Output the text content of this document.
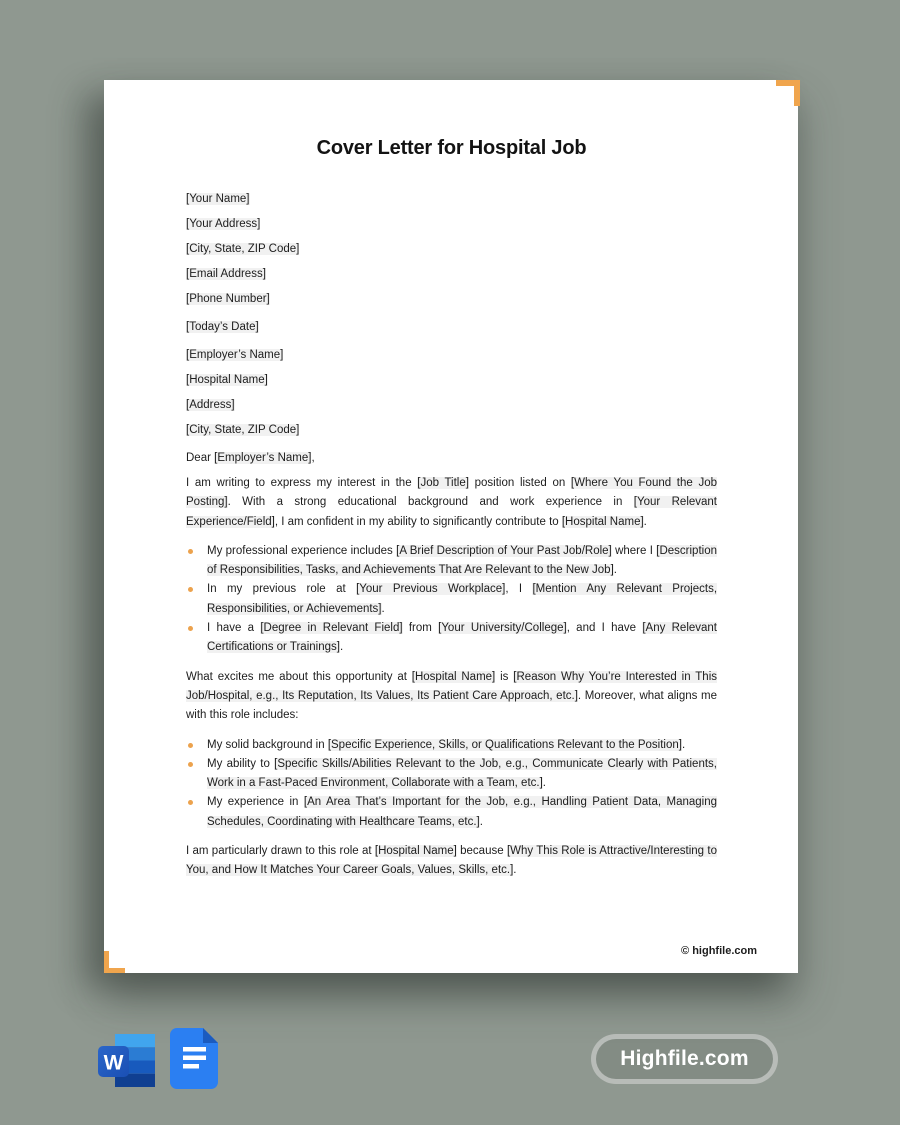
Cover Letter for Hospital Job

[Your Name]

[Your Address]

[City, State, ZIP Code]

[Email Address]

[Phone Number]

[Today’s Date]

[Employer’s Name]

[Hospital Name]

[Address]

[City, State, ZIP Code]

Dear [Employer’s Name],

I am writing to express my interest in the [Job Title] position listed on [Where You Found the Job Posting]. With a strong educational background and work experience in [Your Relevant Experience/Field], I am confident in my ability to significantly contribute to [Hospital Name].

My professional experience includes [A Brief Description of Your Past Job/Role] where I [Description of Responsibilities, Tasks, and Achievements That Are Relevant to the New Job].
In my previous role at [Your Previous Workplace], I [Mention Any Relevant Projects, Responsibilities, or Achievements].
I have a [Degree in Relevant Field] from [Your University/College], and I have [Any Relevant Certifications or Trainings].

What excites me about this opportunity at [Hospital Name] is [Reason Why You’re Interested in This Job/Hospital, e.g., Its Reputation, Its Values, Its Patient Care Approach, etc.]. Moreover, what aligns me with this role includes:

My solid background in [Specific Experience, Skills, or Qualifications Relevant to the Position].
My ability to [Specific Skills/Abilities Relevant to the Job, e.g., Communicate Clearly with Patients, Work in a Fast-Paced Environment, Collaborate with a Team, etc.].
My experience in [An Area That’s Important for the Job, e.g., Handling Patient Data, Managing Schedules, Coordinating with Healthcare Teams, etc.].

I am particularly drawn to this role at [Hospital Name] because [Why This Role is Attractive/Interesting to You, and How It Matches Your Career Goals, Values, Skills, etc.].

© highfile.com
W	Highfile.com
